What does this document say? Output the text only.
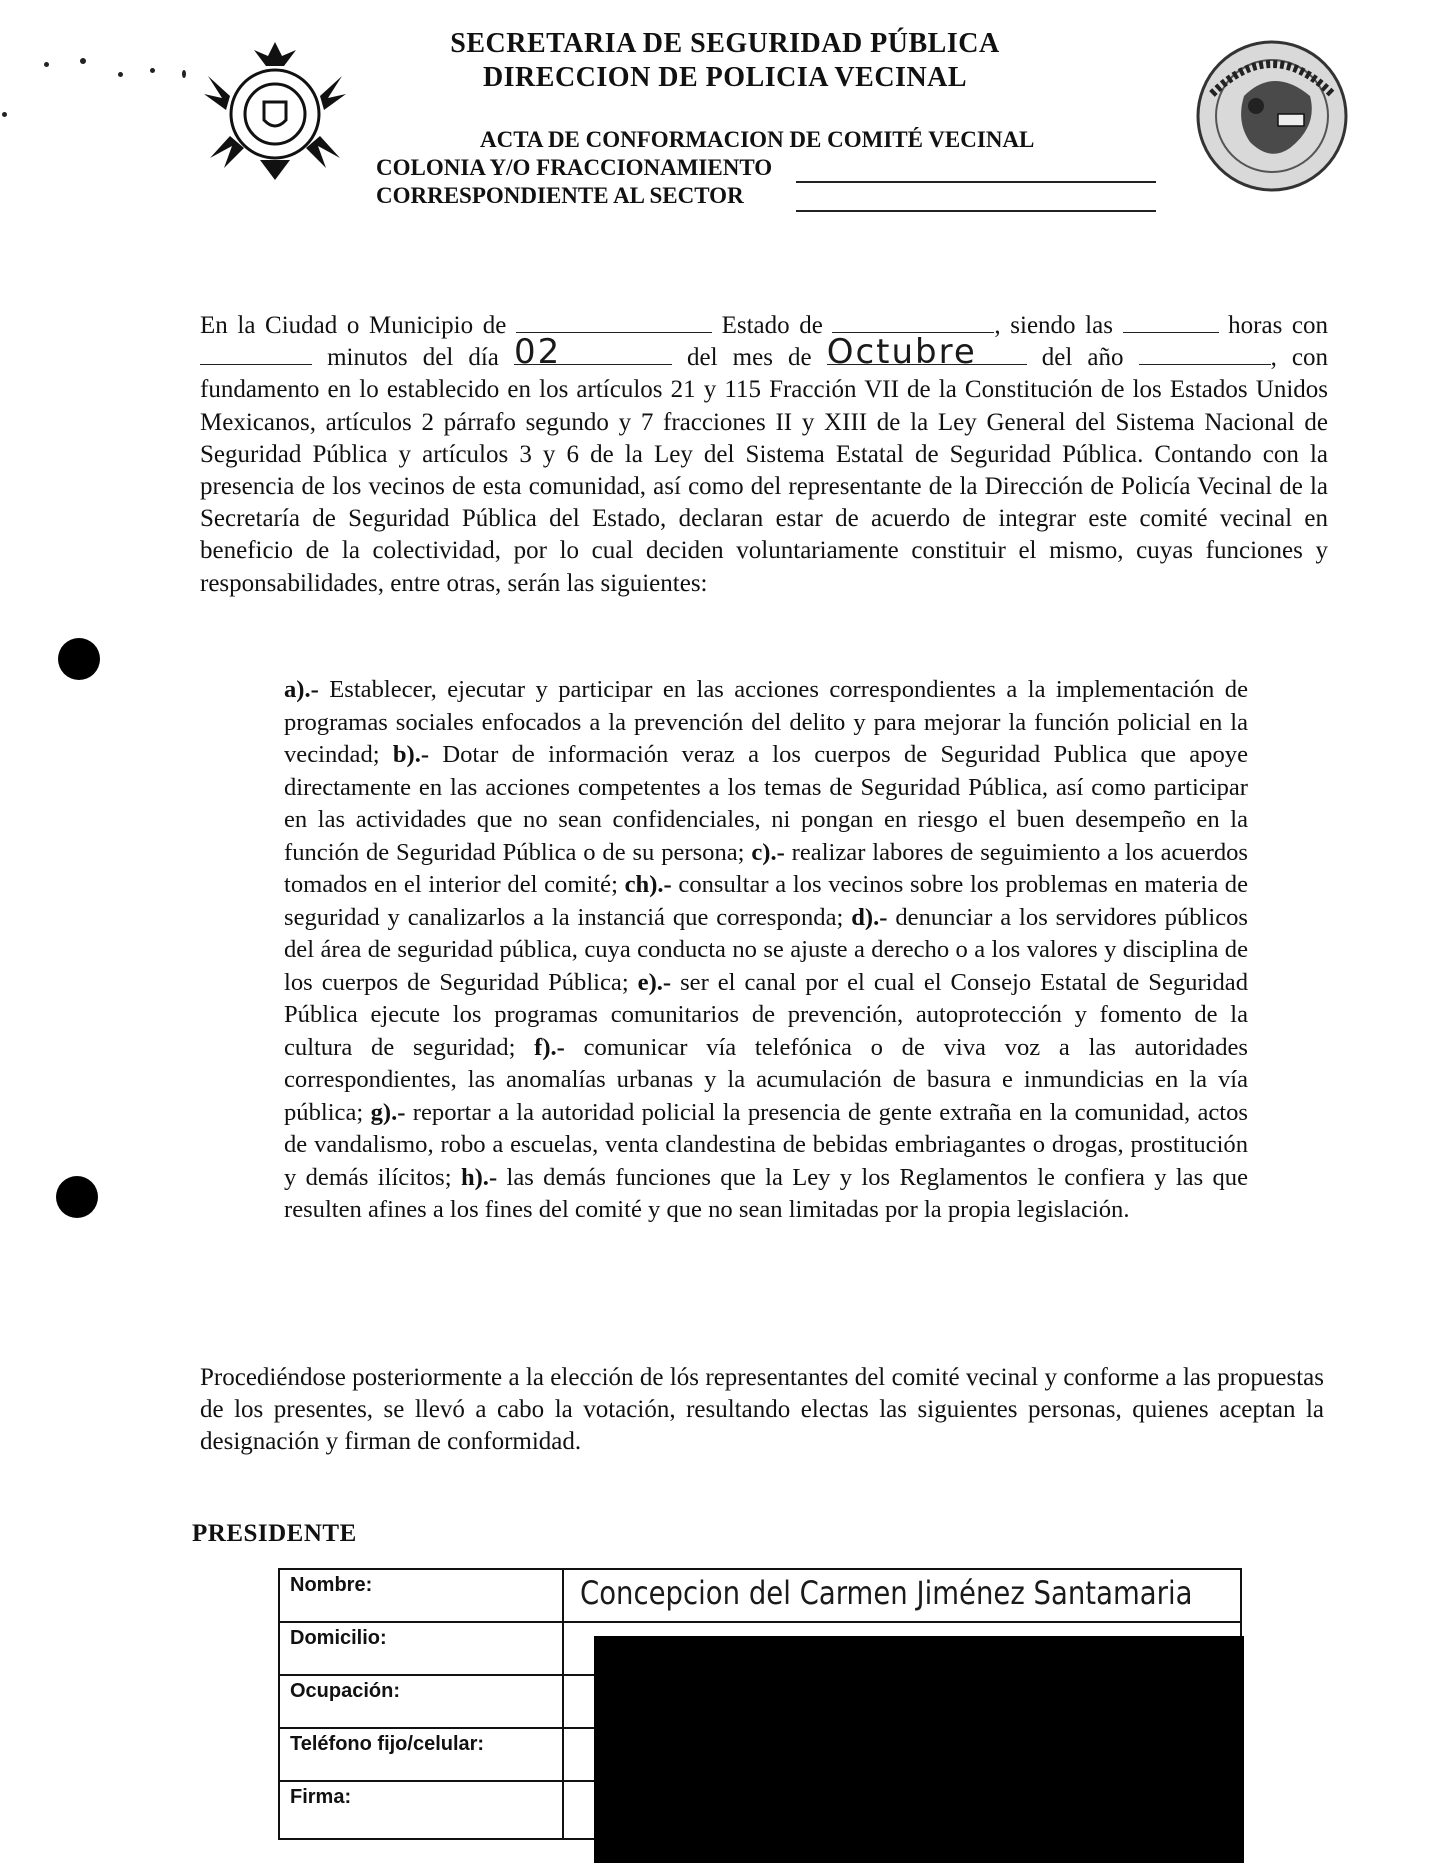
SECRETARIA DE SEGURIDAD PÚBLICA
DIRECCION DE POLICIA VECINAL
ACTA DE CONFORMACION DE COMITÉ VECINAL
COLONIA Y/O FRACCIONAMIENTO
CORRESPONDIENTE AL SECTOR

En la Ciudad o Municipio de	Estado de	, siendo las	horas con  minutos del día 02	del mes de Octubre	del año	, con fundamento en lo establecido en los artículos 21 y 115 Fracción VII de la Constitución de los Estados Unidos Mexicanos, artículos 2 párrafo segundo y 7 fracciones II y XIII de la Ley General del Sistema Nacional de Seguridad Pública y artículos 3 y 6 de la Ley del Sistema Estatal de Seguridad Pública. Contando con la presencia de los vecinos de esta comunidad, así como del representante de la Dirección de Policía Vecinal de la Secretaría de Seguridad Pública del Estado, declaran estar de acuerdo de integrar este comité vecinal en beneficio de la colectividad, por lo cual deciden voluntariamente constituir el mismo, cuyas funciones y responsabilidades, entre otras, serán las siguientes:

a).- Establecer, ejecutar y participar en las acciones correspondientes a la implementación de programas sociales enfocados a la prevención del delito y para mejorar la función policial en la vecindad; b).- Dotar de información veraz a los cuerpos de Seguridad Publica que apoye directamente en las acciones competentes a los temas de Seguridad Pública, así como participar en las actividades que no sean confidenciales, ni pongan en riesgo el buen desempeño en la función de Seguridad Pública o de su persona; c).- realizar labores de seguimiento a los acuerdos tomados en el interior del comité; ch).- consultar a los vecinos sobre los problemas en materia de seguridad y canalizarlos a la instanciá que corresponda; d).- denunciar a los servidores públicos del área de seguridad pública, cuya conducta no se ajuste a derecho o a los valores y disciplina de los cuerpos de Seguridad Pública; e).- ser el canal por el cual el Consejo Estatal de Seguridad Pública ejecute los programas comunitarios de prevención, autoprotección y fomento de la cultura de seguridad; f).- comunicar vía telefónica o de viva voz a las autoridades correspondientes, las anomalías urbanas y la acumulación de basura e inmundicias en la vía pública; g).- reportar a la autoridad policial la presencia de gente extraña en la comunidad, actos de vandalismo, robo a escuelas, venta clandestina de bebidas embriagantes o drogas, prostitución y demás ilícitos; h).- las demás funciones que la Ley y los Reglamentos le confiera y las que resulten afines a los fines del comité y que no sean limitadas por la propia legislación.

Procediéndose posteriormente a la elección de lós representantes del comité vecinal y conforme a las propuestas de los presentes, se llevó a cabo la votación, resultando electas las siguientes personas, quienes aceptan la designación y firman de conformidad.

PRESIDENTE
Nombre:	Concepcion del Carmen Jiménez Santamaria

Domicilio:	
Ocupación:	
Teléfono fijo/celular:	
Firma:	
